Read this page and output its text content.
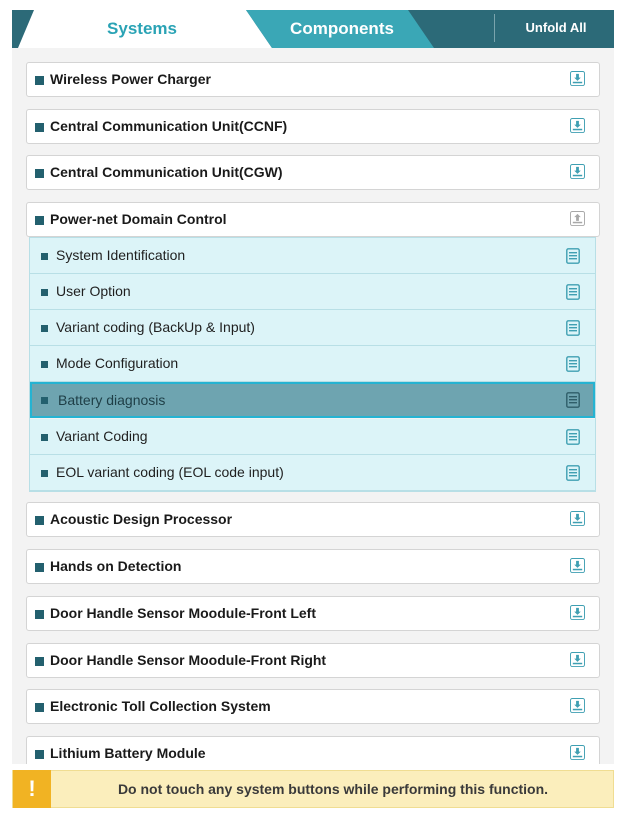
Systems	Components	Unfold All
Wireless Power Charger
Central Communication Unit(CCNF)
Central Communication Unit(CGW)
Power-net Domain Control
System Identification
User Option
Variant coding (BackUp & Input)
Mode Configuration
Battery diagnosis
Variant Coding
EOL variant coding (EOL code input)
Acoustic Design Processor
Hands on Detection
Door Handle Sensor Moodule-Front Left
Door Handle Sensor Moodule-Front Right
Electronic Toll Collection System
Lithium Battery Module
!	Do not touch any system buttons while performing this function.
